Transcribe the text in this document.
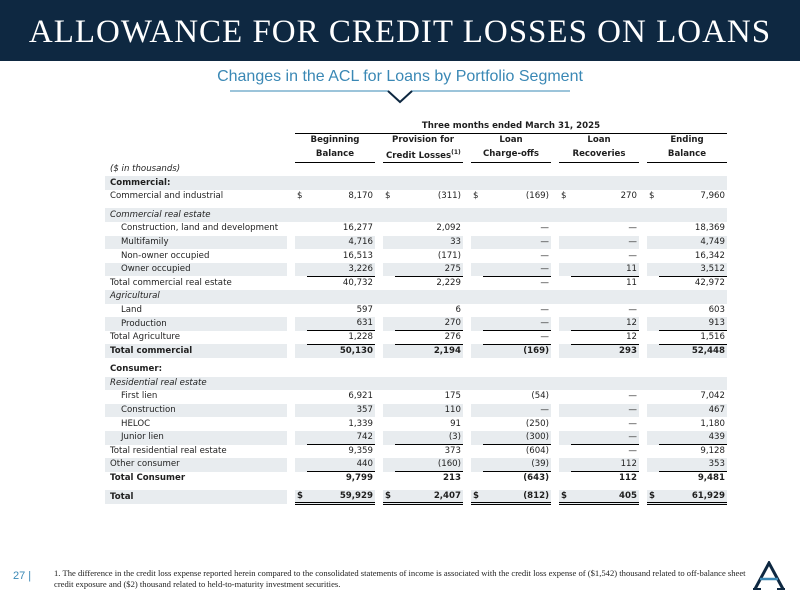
ALLOWANCE FOR CREDIT LOSSES ON LOANS
Changes in the ACL for Loans by Portfolio Segment
		Three months ended March 31, 2025													
		Beginning			Provision for			Loan			Loan			Ending	
		Balance			Credit Losses$^{(1)}$			Charge-offs			Recoveries			Balance	
($ in thousands)															
Commercial:															
Commercial and industrial		$	8,170		$	(311)		$	(169)		$	270		$	7,960

Commercial real estate															
Construction, land and development			16,277			2,092			—			—			18,369
Multifamily			4,716			33			—			—			4,749
Non-owner occupied			16,513			(171)			—			—			16,342
Owner occupied			3,226			275			—			11			3,512
Total commercial real estate			40,732			2,229			—			11			42,972
Agricultural															
Land			597			6			—			—			603
Production			631			270			—			12			913
Total Agriculture			1,228			276			—			12			1,516
Total commercial			50,130			2,194			(169)			293			52,448

Consumer:															
Residential real estate															
First lien			6,921			175			(54)			—			7,042
Construction			357			110			—			—			467
HELOC			1,339			91			(250)			—			1,180
Junior lien			742			(3)			(300)			—			439
Total residential real estate			9,359			373			(604)			—			9,128
Other consumer			440			(160)			(39)			112			353
Total Consumer			9,799			213			(643)			112			9,481

Total		$	59,929		$	2,407		$	(812)		$	405		$	61,929
27 |	1. The difference in the credit loss expense reported herein compared to the consolidated statements of income is associated with the credit loss expense of ($1,542) thousand related to off-balance sheet credit exposure and ($2) thousand related to held-to-maturity investment securities.
